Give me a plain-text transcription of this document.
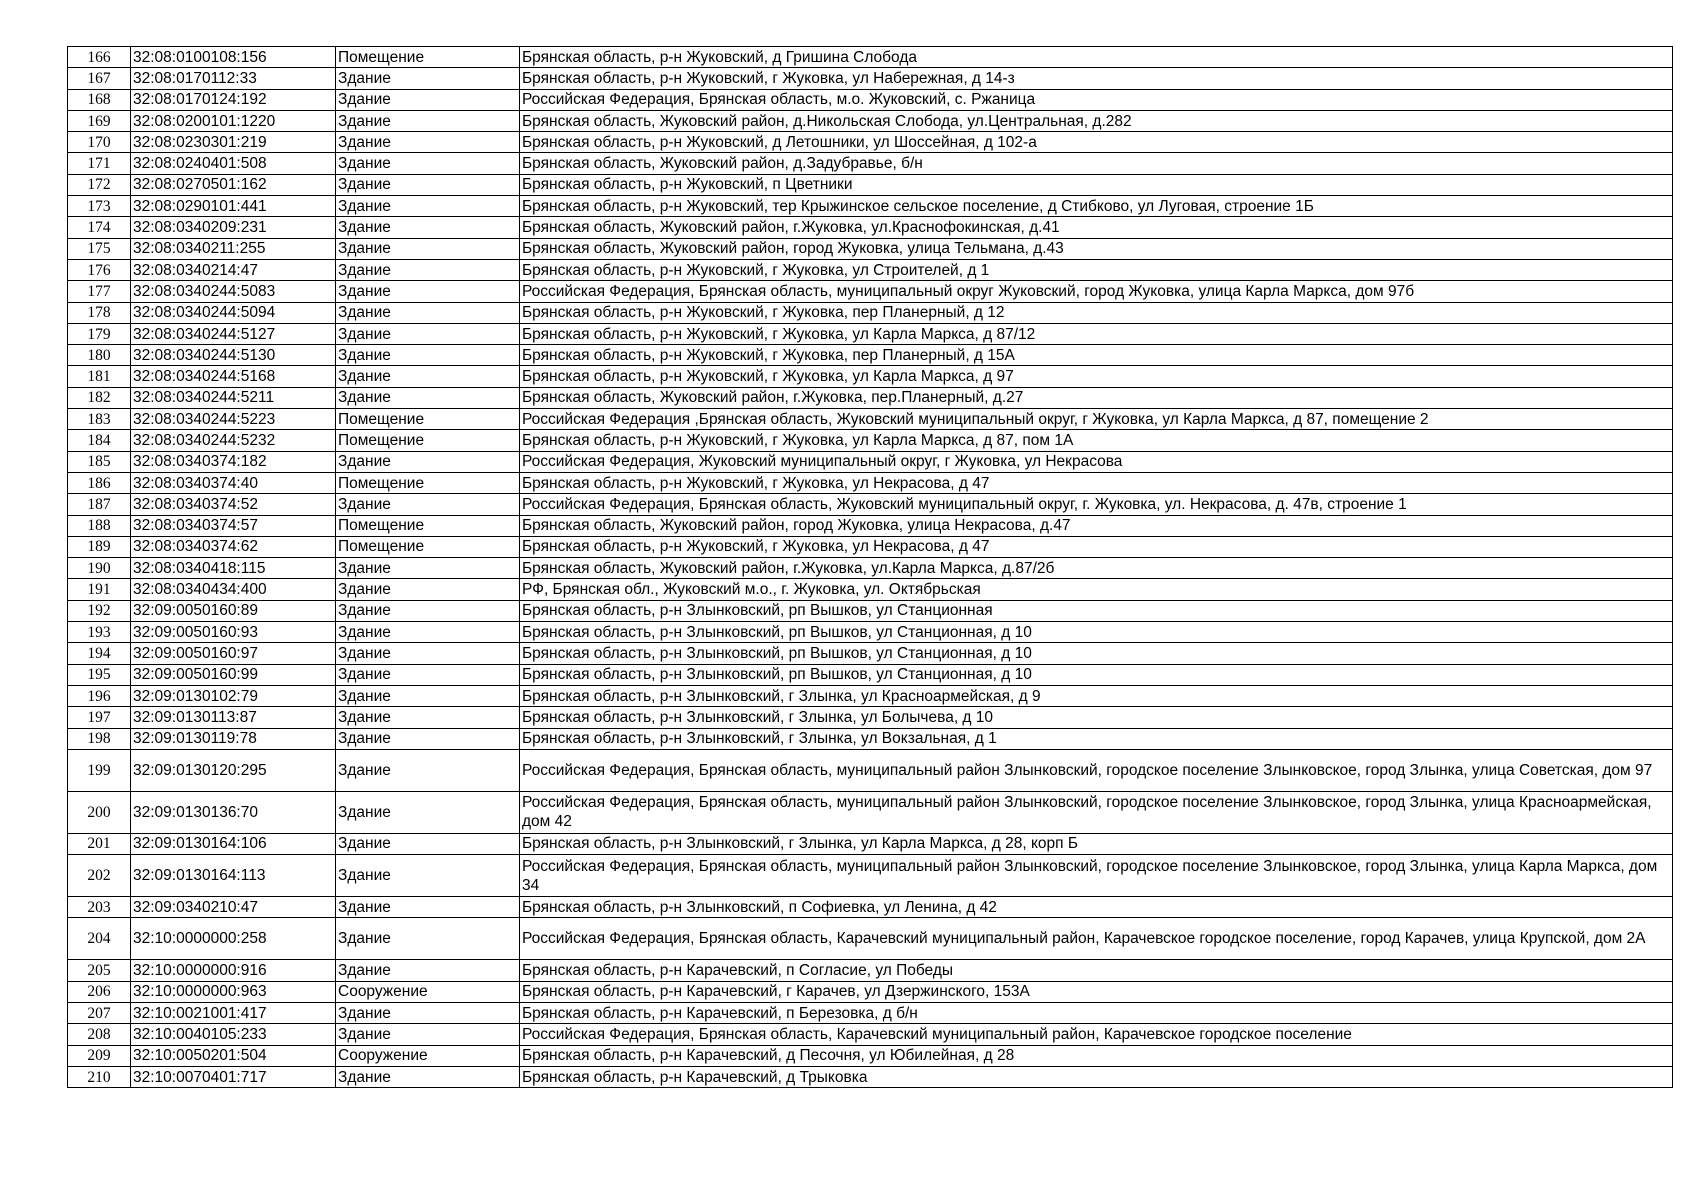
166	32:08:0100108:156	Помещение	Брянская область, р-н Жуковский, д Гришина Слобода
167	32:08:0170112:33	Здание	Брянская область, р-н Жуковский, г Жуковка, ул Набережная, д 14-з
168	32:08:0170124:192	Здание	Российская Федерация, Брянская область, м.о. Жуковский, с. Ржаница
169	32:08:0200101:1220	Здание	Брянская область, Жуковский район, д.Никольская Слобода, ул.Центральная, д.282
170	32:08:0230301:219	Здание	Брянская область, р-н Жуковский, д Летошники, ул Шоссейная, д 102-а
171	32:08:0240401:508	Здание	Брянская область, Жуковский район, д.Задубравье, б/н
172	32:08:0270501:162	Здание	Брянская область, р-н Жуковский, п Цветники
173	32:08:0290101:441	Здание	Брянская область, р-н Жуковский, тер Крыжинское сельское поселение, д Стибково, ул Луговая, строение 1Б
174	32:08:0340209:231	Здание	Брянская область, Жуковский район, г.Жуковка, ул.Краснофокинская, д.41
175	32:08:0340211:255	Здание	Брянская область, Жуковский район, город Жуковка, улица Тельмана, д.43
176	32:08:0340214:47	Здание	Брянская область, р-н Жуковский, г Жуковка, ул Строителей, д 1
177	32:08:0340244:5083	Здание	Российская Федерация, Брянская область, муниципальный округ Жуковский, город Жуковка, улица Карла Маркса, дом 97б
178	32:08:0340244:5094	Здание	Брянская область, р-н Жуковский, г Жуковка, пер Планерный, д 12
179	32:08:0340244:5127	Здание	Брянская область, р-н Жуковский, г Жуковка, ул Карла Маркса, д 87/12
180	32:08:0340244:5130	Здание	Брянская область, р-н Жуковский, г Жуковка, пер Планерный, д 15А
181	32:08:0340244:5168	Здание	Брянская область, р-н Жуковский, г Жуковка, ул Карла Маркса, д 97
182	32:08:0340244:5211	Здание	Брянская область, Жуковский район, г.Жуковка, пер.Планерный, д.27
183	32:08:0340244:5223	Помещение	Российская Федерация ,Брянская область, Жуковский муниципальный округ, г Жуковка, ул Карла Маркса, д 87, помещение 2
184	32:08:0340244:5232	Помещение	Брянская область, р-н Жуковский, г Жуковка, ул Карла Маркса, д 87, пом 1А
185	32:08:0340374:182	Здание	Российская Федерация, Жуковский муниципальный округ, г Жуковка, ул Некрасова
186	32:08:0340374:40	Помещение	Брянская область, р-н Жуковский, г Жуковка, ул Некрасова, д 47
187	32:08:0340374:52	Здание	Российская Федерация, Брянская область, Жуковский муниципальный округ, г. Жуковка, ул. Некрасова, д. 47в, строение 1
188	32:08:0340374:57	Помещение	Брянская область, Жуковский район, город Жуковка, улица Некрасова, д.47
189	32:08:0340374:62	Помещение	Брянская область, р-н Жуковский, г Жуковка, ул Некрасова, д 47
190	32:08:0340418:115	Здание	Брянская область, Жуковский район, г.Жуковка, ул.Карла Маркса, д.87/2б
191	32:08:0340434:400	Здание	РФ, Брянская обл., Жуковский м.о., г. Жуковка, ул. Октябрьская
192	32:09:0050160:89	Здание	Брянская область, р-н Злынковский, рп Вышков, ул Станционная
193	32:09:0050160:93	Здание	Брянская область, р-н Злынковский, рп Вышков, ул Станционная, д 10
194	32:09:0050160:97	Здание	Брянская область, р-н Злынковский, рп Вышков, ул Станционная, д 10
195	32:09:0050160:99	Здание	Брянская область, р-н Злынковский, рп Вышков, ул Станционная, д 10
196	32:09:0130102:79	Здание	Брянская область, р-н Злынковский, г Злынка, ул Красноармейская, д 9
197	32:09:0130113:87	Здание	Брянская область, р-н Злынковский, г Злынка, ул Болычева, д 10
198	32:09:0130119:78	Здание	Брянская область, р-н Злынковский, г Злынка, ул Вокзальная, д 1
199	32:09:0130120:295	Здание	Российская Федерация, Брянская область, муниципальный район Злынковский, городское поселение Злынковское, город Злынка, улица Советская, дом 97
200	32:09:0130136:70	Здание	Российская Федерация, Брянская область, муниципальный район Злынковский, городское поселение Злынковское, город Злынка, улица Красноармейская, дом 42
201	32:09:0130164:106	Здание	Брянская область, р-н Злынковский, г Злынка, ул Карла Маркса, д 28, корп Б
202	32:09:0130164:113	Здание	Российская Федерация, Брянская область, муниципальный район Злынковский, городское поселение Злынковское, город Злынка, улица Карла Маркса, дом 34
203	32:09:0340210:47	Здание	Брянская область, р-н Злынковский, п Софиевка, ул Ленина, д 42
204	32:10:0000000:258	Здание	Российская Федерация, Брянская область, Карачевский муниципальный район, Карачевское городское поселение, город Карачев, улица Крупской, дом 2А
205	32:10:0000000:916	Здание	Брянская область, р-н Карачевский, п Согласие, ул Победы
206	32:10:0000000:963	Сооружение	Брянская область, р-н Карачевский, г Карачев, ул Дзержинского, 153А
207	32:10:0021001:417	Здание	Брянская область, р-н Карачевский, п Березовка, д б/н
208	32:10:0040105:233	Здание	Российская Федерация, Брянская область, Карачевский муниципальный район, Карачевское городское поселение
209	32:10:0050201:504	Сооружение	Брянская область, р-н Карачевский, д Песочня, ул Юбилейная, д 28
210	32:10:0070401:717	Здание	Брянская область, р-н Карачевский, д Трыковка
